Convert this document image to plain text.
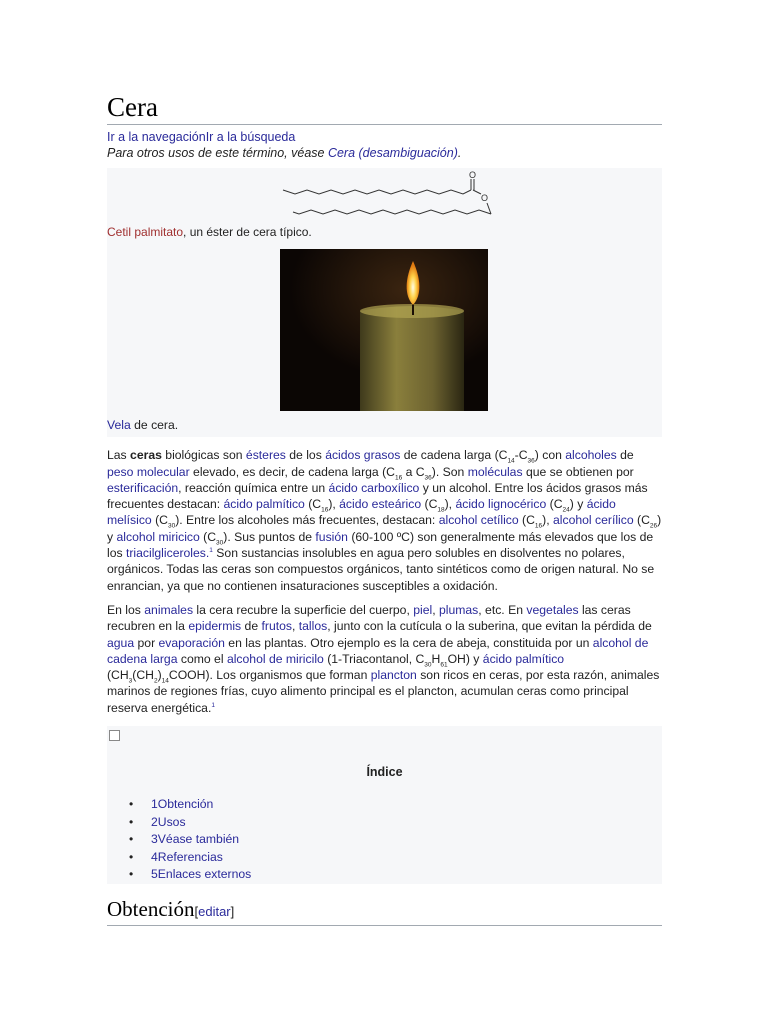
Cera
Ir a la navegaciónIr a la búsqueda
Para otros usos de este término, véase Cera (desambiguación).
O
O

Cetil palmitato, un éster de cera típico.

Vela de cera.

Las ceras biológicas son ésteres de los ácidos grasos de cadena larga $(C_{14}-C_{36})$ con alcoholes de peso molecular elevado, es decir, de cadena larga ($C_{16}$ a $C_{36}$). Son moléculas que se obtienen por esterificación, reacción química entre un ácido carboxílico y un alcohol. Entre los ácidos grasos más frecuentes destacan: ácido palmítico $(C_{16})$, ácido esteárico $(C_{18})$, ácido lignocérico $(C_{24})$ y ácido melísico $(C_{30})$. Entre los alcoholes más frecuentes, destacan: alcohol cetílico $(C_{16})$, alcohol cerílico $(C_{26})$ y alcohol miricico $(C_{30})$. Sus puntos de fusión (60-100 ºC) son generalmente más elevados que los de los triacilgliceroles.$^1$ Son sustancias insolubles en agua pero solubles en disolventes no polares, orgánicos. Todas las ceras son compuestos orgánicos, tanto sintéticos como de origen natural. No se enrancian, ya que no contienen insaturaciones susceptibles a oxidación.

En los animales la cera recubre la superficie del cuerpo, piel, plumas, etc. En vegetales las ceras recubren en la epidermis de frutos, tallos, junto con la cutícula o la suberina, que evitan la pérdida de agua por evaporación en las plantas. Otro ejemplo es la cera de abeja, constituida por un alcohol de cadena larga como el alcohol de miricilo (1-Triacontanol, $C_{30}H_{61}OH$) y ácido palmítico $(CH_3(CH_2)_{14}COOH)$. Los organismos que forman plancton son ricos en ceras, por esta razón, animales marinos de regiones frías, cuyo alimento principal es el plancton, acumulan ceras como principal reserva energética.$^1$

Índice
• 1Obtención
• 2Usos
• 3Véase también
• 4Referencias
• 5Enlaces externos
Obtención[editar]
